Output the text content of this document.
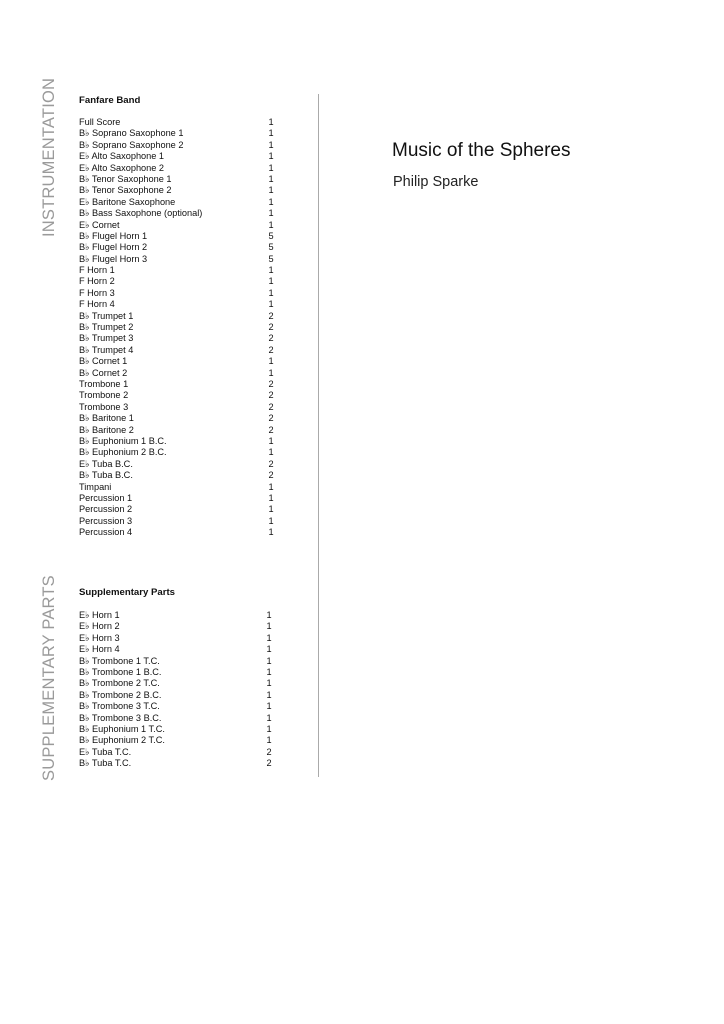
INSTRUMENTATION
SUPPLEMENTARY PARTS
Fanfare Band
Full Score	1
B♭ Soprano Saxophone 1	1
B♭ Soprano Saxophone 2	1
E♭ Alto Saxophone 1	1
E♭ Alto Saxophone 2	1
B♭ Tenor Saxophone 1	1
B♭ Tenor Saxophone 2	1
E♭ Baritone Saxophone	1
B♭ Bass Saxophone (optional)	1
E♭ Cornet	1
B♭ Flugel Horn 1	5
B♭ Flugel Horn 2	5
B♭ Flugel Horn 3	5
F Horn 1	1
F Horn 2	1
F Horn 3	1
F Horn 4	1
B♭ Trumpet 1	2
B♭ Trumpet 2	2
B♭ Trumpet 3	2
B♭ Trumpet 4	2
B♭ Cornet 1	1
B♭ Cornet 2	1
Trombone 1	2
Trombone 2	2
Trombone 3	2
B♭ Baritone 1	2
B♭ Baritone 2	2
B♭ Euphonium 1 B.C.	1
B♭ Euphonium 2 B.C.	1
E♭ Tuba B.C.	2
B♭ Tuba B.C.	2
Timpani	1
Percussion 1	1
Percussion 2	1
Percussion 3	1
Percussion 4	1
Supplementary Parts
E♭ Horn 1	1
E♭ Horn 2	1
E♭ Horn 3	1
E♭ Horn 4	1
B♭ Trombone 1 T.C.	1
B♭ Trombone 1 B.C.	1
B♭ Trombone 2 T.C.	1
B♭ Trombone 2 B.C.	1
B♭ Trombone 3 T.C.	1
B♭ Trombone 3 B.C.	1
B♭ Euphonium 1 T.C.	1
B♭ Euphonium 2 T.C.	1
E♭ Tuba T.C.	2
B♭ Tuba T.C.	2
Music of the Spheres

Philip Sparke
